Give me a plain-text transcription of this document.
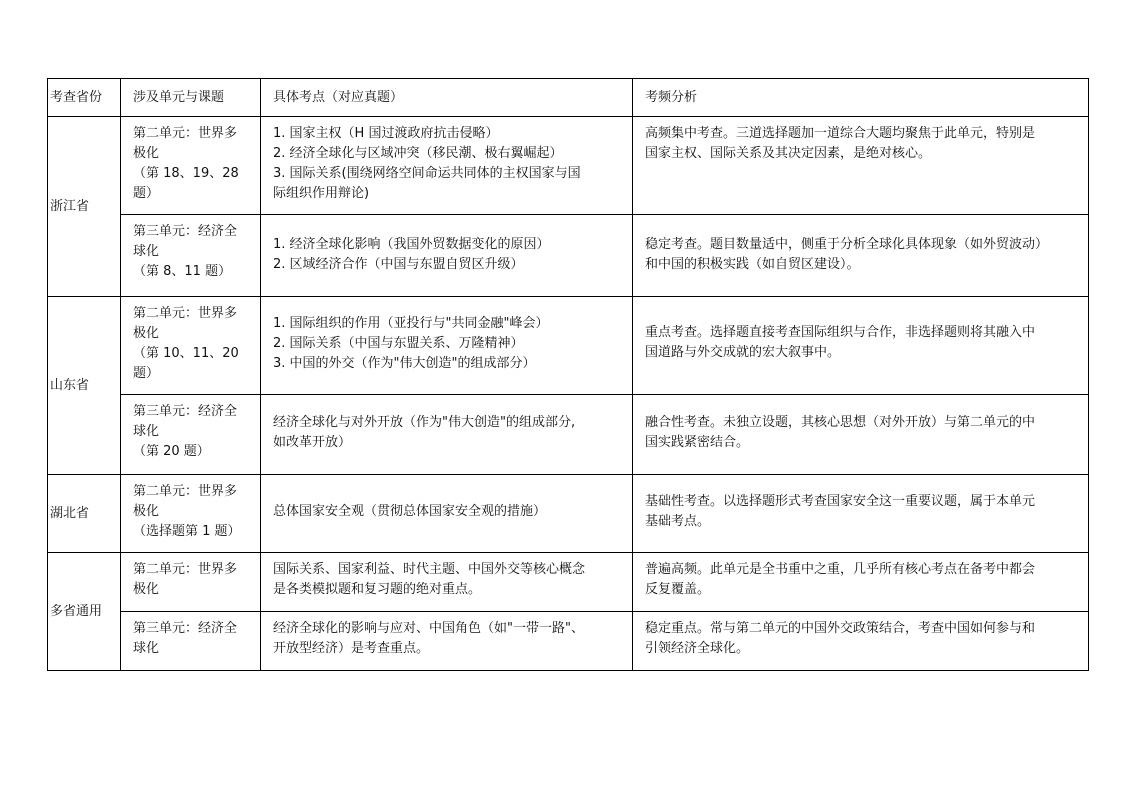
考查省份	涉及单元与课题	具体考点（对应真题）	考频分析
浙江省	第二单元：世界多
极化
（第 18、19、28
题）	1. 国家主权（H 国过渡政府抗击侵略）
2. 经济全球化与区域冲突（移民潮、极右翼崛起）
3. 国际关系(围绕网络空间命运共同体的主权国家与国
际组织作用辩论)	高频集中考查。三道选择题加一道综合大题均聚焦于此单元，特别是
国家主权、国际关系及其决定因素，是绝对核心。

	第三单元：经济全
球化
（第 8、11 题）	1. 经济全球化影响（我国外贸数据变化的原因）
2. 区域经济合作（中国与东盟自贸区升级）	稳定考查。题目数量适中，侧重于分析全球化具体现象（如外贸波动）
和中国的积极实践（如自贸区建设）。

山东省	第二单元：世界多
极化
（第 10、11、20
题）	1. 国际组织的作用（亚投行与"共同金融"峰会）
2. 国际关系（中国与东盟关系、万隆精神）
3. 中国的外交（作为"伟大创造"的组成部分）	重点考查。选择题直接考查国际组织与合作，非选择题则将其融入中
国道路与外交成就的宏大叙事中。

	第三单元：经济全
球化
（第 20 题）	经济全球化与对外开放（作为"伟大创造"的组成部分,
如改革开放）	融合性考查。未独立设题，其核心思想（对外开放）与第二单元的中
国实践紧密结合。

湖北省	第二单元：世界多
极化
（选择题第 1 题）	总体国家安全观（贯彻总体国家安全观的措施）	基础性考查。以选择题形式考查国家安全这一重要议题，属于本单元
基础考点。

多省通用	第二单元：世界多
极化	国际关系、国家利益、时代主题、中国外交等核心概念
是各类模拟题和复习题的绝对重点。	普遍高频。此单元是全书重中之重，几乎所有核心考点在备考中都会
反复覆盖。

	第三单元：经济全
球化	经济全球化的影响与应对、中国角色（如"一带一路"、
开放型经济）是考查重点。	稳定重点。常与第二单元的中国外交政策结合，考查中国如何参与和
引领经济全球化。
